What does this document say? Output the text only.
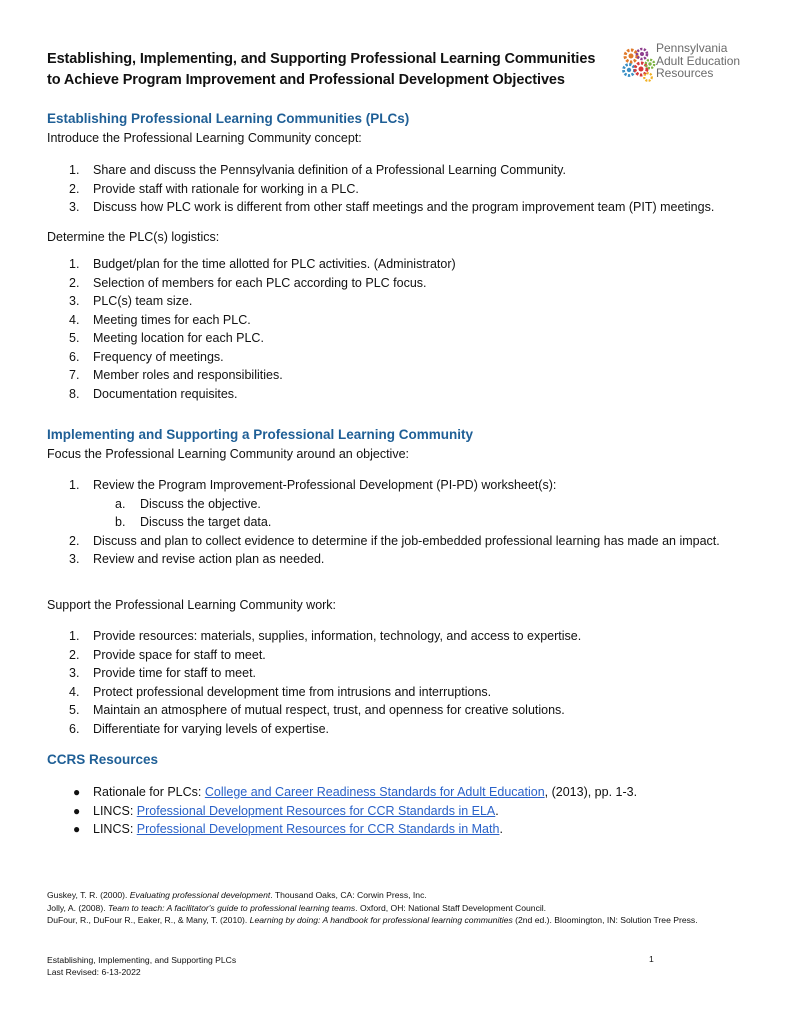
Establishing, Implementing, and Supporting Professional Learning Communities
to Achieve Program Improvement and Professional Development Objectives
Pennsylvania
Adult Education
Resources
Establishing Professional Learning Communities (PLCs)

Introduce the Professional Learning Community concept:

1.	Share and discuss the Pennsylvania definition of a Professional Learning Community.
2.	Provide staff with rationale for working in a PLC.
3.	Discuss how PLC work is different from other staff meetings and the program improvement team (PIT) meetings.

Determine the PLC(s) logistics:

1.	Budget/plan for the time allotted for PLC activities. (Administrator)
2.	Selection of members for each PLC according to PLC focus.
3.	PLC(s) team size.
4.	Meeting times for each PLC.
5.	Meeting location for each PLC.
6.	Frequency of meetings.
7.	Member roles and responsibilities.
8.	Documentation requisites.
Implementing and Supporting a Professional Learning Community

Focus the Professional Learning Community around an objective:

1.	Review the Program Improvement-Professional Development (PI-PD) worksheet(s):
a.	Discuss the objective.
b.	Discuss the target data.
2.	Discuss and plan to collect evidence to determine if the job-embedded professional learning has made an impact.
3.	Review and revise action plan as needed.

Support the Professional Learning Community work:

1.	Provide resources: materials, supplies, information, technology, and access to expertise.
2.	Provide space for staff to meet.
3.	Provide time for staff to meet.
4.	Protect professional development time from intrusions and interruptions.
5.	Maintain an atmosphere of mutual respect, trust, and openness for creative solutions.
6.	Differentiate for varying levels of expertise.
CCRS Resources
● Rationale for PLCs: College and Career Readiness Standards for Adult Education, (2013), pp. 1-3.
● LINCS: Professional Development Resources for CCR Standards in ELA.
● LINCS: Professional Development Resources for CCR Standards in Math.

Guskey, T. R. (2000). Evaluating professional development. Thousand Oaks, CA: Corwin Press, Inc.

Jolly, A. (2008). Team to teach: A facilitator's guide to professional learning teams. Oxford, OH: National Staff Development Council.

DuFour, R., DuFour R., Eaker, R., & Many, T. (2010). Learning by doing: A handbook for professional learning communities (2nd ed.). Bloomington, IN: Solution Tree Press.

Establishing, Implementing, and Supporting PLCs
Last Revised: 6-13-2022
1
